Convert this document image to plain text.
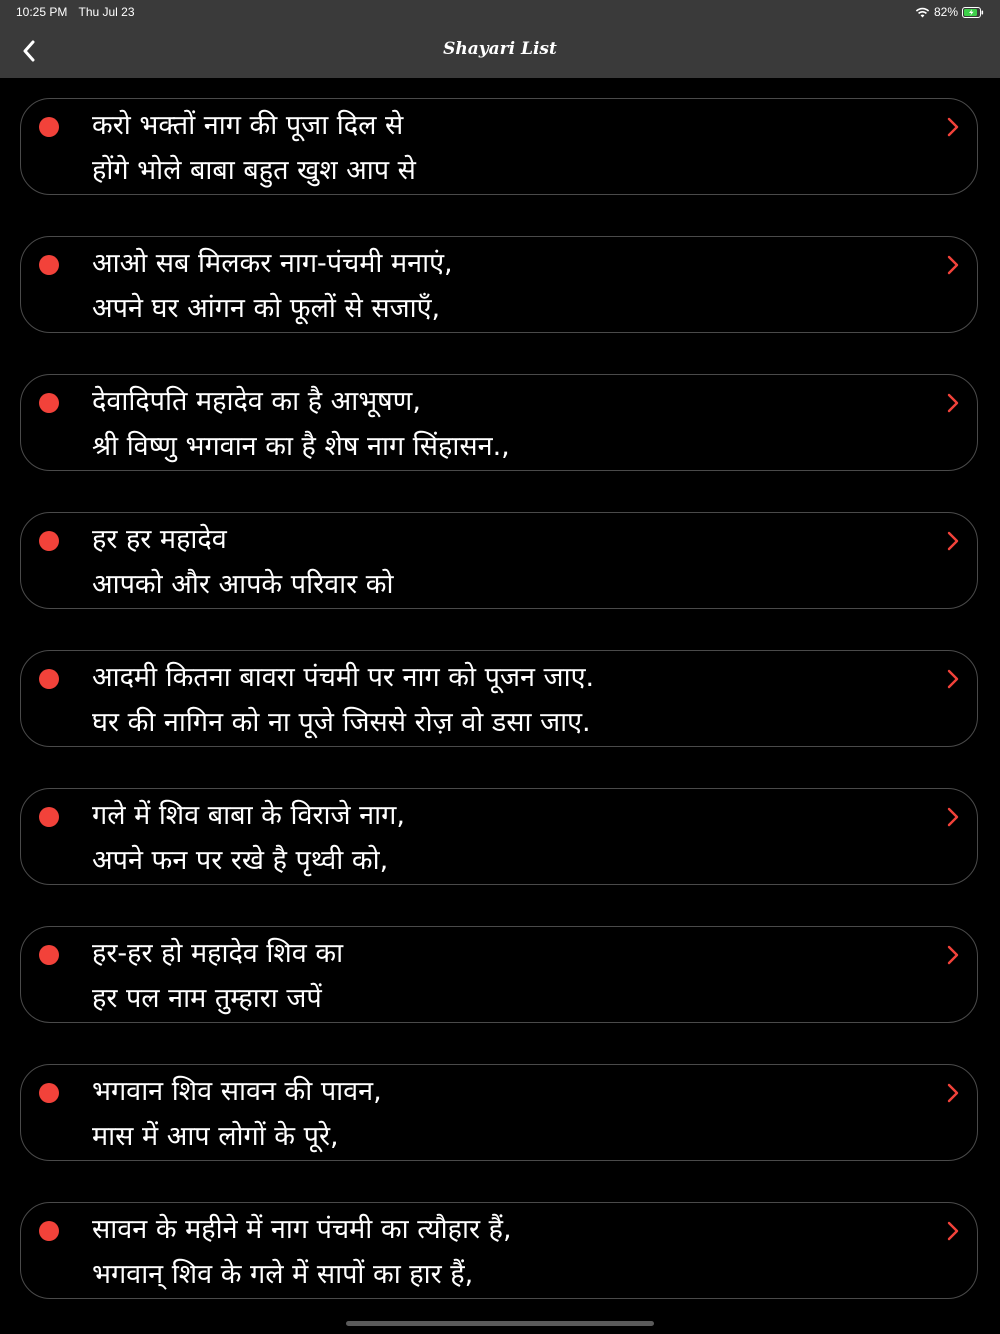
10:25 PM Thu Jul 23	82%
Shayari List
करो भक्तों नाग की पूजा दिल से
होंगे भोले बाबा बहुत खुश आप से
आओ सब मिलकर नाग-पंचमी मनाएं,
अपने घर आंगन को फूलों से सजाएँ,
देवादिपति महादेव का है आभूषण,
श्री विष्णु भगवान का है शेष नाग सिंहासन.,
हर हर महादेव
आपको और आपके परिवार को
आदमी कितना बावरा पंचमी पर नाग को पूजन जाए.
घर की नागिन को ना पूजे जिससे रोज़ वो डसा जाए.
गले में शिव बाबा के विराजे नाग,
अपने फन पर रखे है पृथ्वी को,
हर-हर हो महादेव शिव का
हर पल नाम तुम्हारा जपें
भगवान शिव सावन की पावन,
मास में आप लोगों के पूरे,
सावन के महीने में नाग पंचमी का त्यौहार हैं,
भगवान् शिव के गले में सापों का हार हैं,
